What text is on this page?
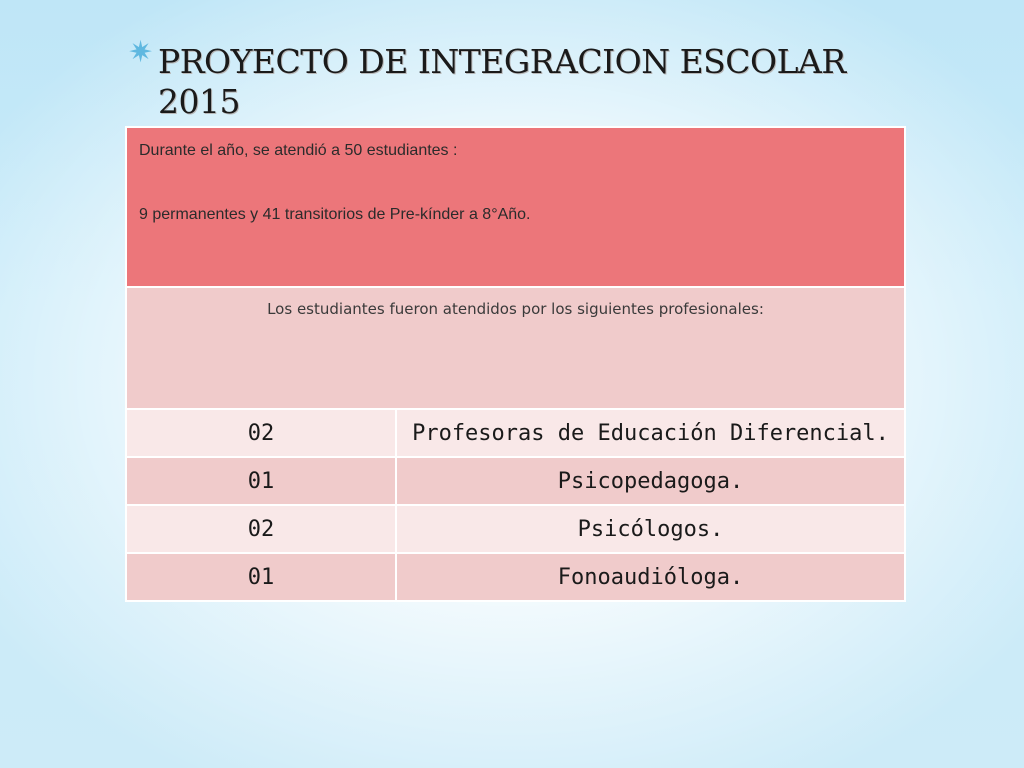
✷ PROYECTO DE INTEGRACION ESCOLAR 2015

Durante el año, se atendió a 50 estudiantes :

9 permanentes y 41 transitorios de Pre-kínder a 8°Año.	

Los estudiantes fueron atendidos por los siguientes profesionales:	
02	Profesoras de Educación Diferencial.
01	Psicopedagoga.
02	Psicólogos.
01	Fonoaudióloga.
